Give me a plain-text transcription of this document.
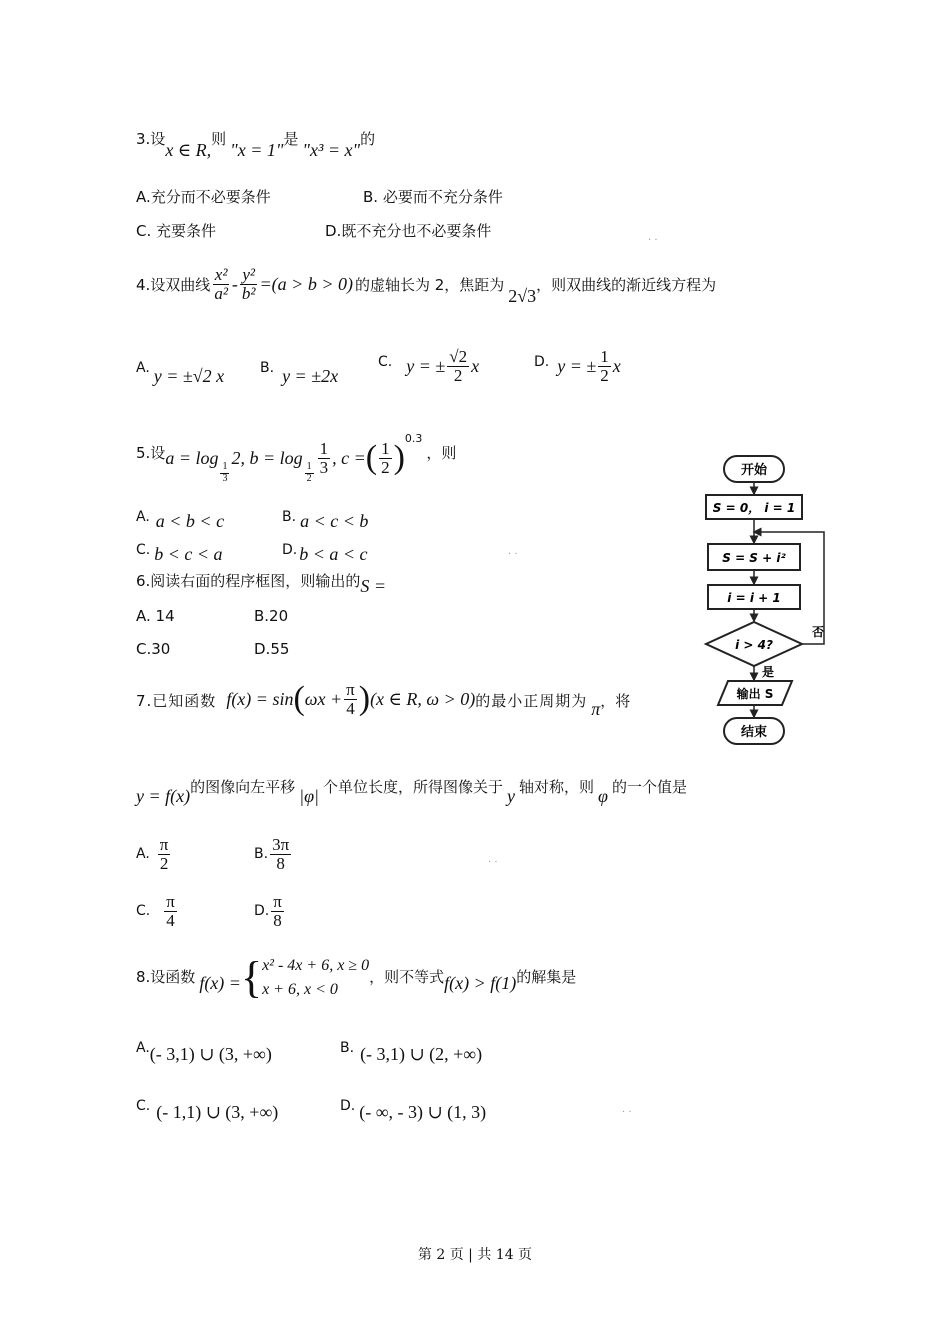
3.设x ∈ R,则"x = 1"是"x³ = x"的
A.充分而不必要条件	B. 必要而不充分条件
C. 充要条件	D.既不充分也不必要条件	. .
4.设双曲线 $\frac{\text{x²}}{\text{a²}} - \frac{\text{y²}}{\text{b²}} =(a > b > 0)$ 的虚轴长为 2，焦距为
2√3
，则双曲线的渐近线方程为
A. y = ±√2 x	B. y = ±2x
C. y = ± $\frac{√2}{2}$ x	D. y = ± $\frac{1}{2}$ x
5.设 a = log
$\frac{1}{3}$
2, b = log
$\frac{1}{2} \frac{1}{3}$ , c = ( $\frac{1}{2}$ )
0.3
，则
A. a < b < c	B. a < c < b
C. b < c < a	D. b < a < c	. .
6.阅读右面的程序框图，则输出的S =
A. 14	B.20
C.30	D.55
开始
S = 0， i = 1
S = S + i²
i = i + 1
i > 4?
否
是
输出 S
结束
7.已知函数 f(x) = sin ( $\omega x + \frac{\pi}{4}$ ) (x ∈ R, ω > 0) 的最小正周期为 π ，将
y = f(x) 的图像向左平移 |φ| 个单位长度，所得图像关于 y 轴对称，则 φ 的一个值是
A. $\frac{\pi}{2}$	B. $\frac{3\pi}{8}$	. .
C. $\frac{\pi}{4}$	D. $\frac{\pi}{8}$
8.设函数 f(x) = { x² - 4x + 6, x ≥ 0
x + 6, x < 0
，则不等式 f(x) > f(1) 的解集是
A.(- 3,1) ∪ (3, +∞)	B. (- 3,1) ∪ (2, +∞)
C. (- 1,1) ∪ (3, +∞)	D. (- ∞, - 3) ∪ (1, 3)	. .
第 2 页 | 共 14 页
